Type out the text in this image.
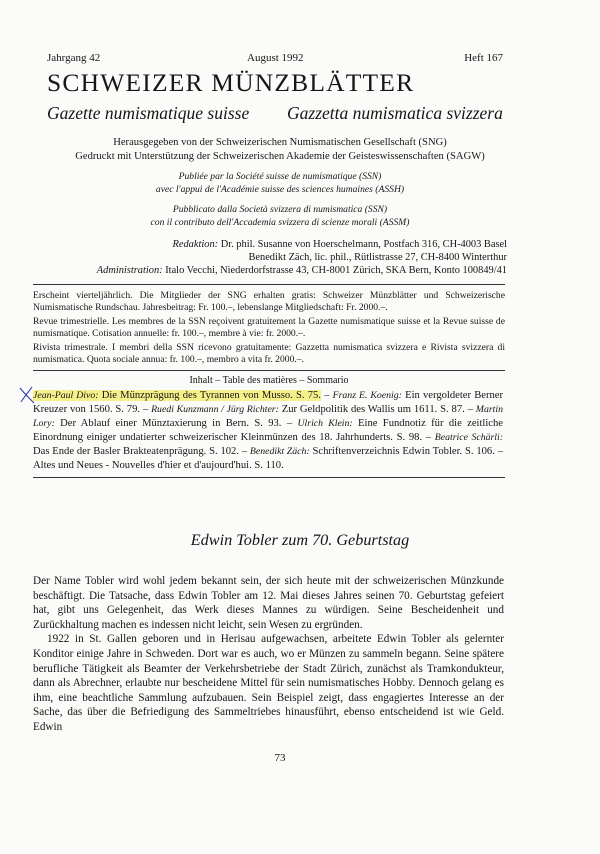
Jahrgang 42	August 1992	Heft 167
SCHWEIZER MÜNZBLÄTTER
Gazette numismatique suisse Gazzetta numismatica svizzera
Herausgegeben von der Schweizerischen Numismatischen Gesellschaft (SNG)
Gedruckt mit Unterstützung der Schweizerischen Akademie der Geisteswissenschaften (SAGW)
Publiée par la Société suisse de numismatique (SSN)
avec l'appui de l'Académie suisse des sciences humaines (ASSH)
Pubblicato dalla Società svizzera di numismatica (SSN)
con il contributo dell'Accademia svizzera di scienze morali (ASSM)
Redaktion: Dr. phil. Susanne von Hoerschelmann, Postfach 316, CH-4003 Basel
Benedikt Zäch, lic. phil., Rütlistrasse 27, CH-8400 Winterthur
Administration: Italo Vecchi, Niederdorfstrasse 43, CH-8001 Zürich, SKA Bern, Konto 100849/41
Erscheint vierteljährlich. Die Mitglieder der SNG erhalten gratis: Schweizer Münzblätter und Schweizerische Numismatische Rundschau. Jahresbeitrag: Fr. 100.–, lebenslange Mitgliedschaft: Fr. 2000.–.
Revue trimestrielle. Les membres de la SSN reçoivent gratuitement la Gazette numismatique suisse et la Revue suisse de numismatique. Cotisation annuelle: fr. 100.–, membre à vie: fr. 2000.–.
Rivista trimestrale. I membri della SSN ricevono gratuitamente: Gazzetta numismatica svizzera e Rivista svizzera di numismatica. Quota sociale annua: fr. 100.–, membro a vita fr. 2000.–.
Inhalt – Table des matières – Sommario
Jean-Paul Divo: Die Münzprägung des Tyrannen von Musso. S. 75. – Franz E. Koenig: Ein vergoldeter Berner Kreuzer von 1560. S. 79. – Ruedi Kunzmann / Jürg Richter: Zur Geldpolitik des Wallis um 1611. S. 87. – Martin Lory: Der Ablauf einer Münztaxierung in Bern. S. 93. – Ulrich Klein: Eine Fundnotiz für die zeitliche Einordnung einiger undatierter schweizerischer Kleinmünzen des 18. Jahrhunderts. S. 98. – Beatrice Schärli: Das Ende der Basler Brakteatenprägung. S. 102. – Benedikt Zäch: Schriftenverzeichnis Edwin Tobler. S. 106. – Altes und Neues - Nouvelles d'hier et d'aujourd'hui. S. 110.
Edwin Tobler zum 70. Geburtstag

Der Name Tobler wird wohl jedem bekannt sein, der sich heute mit der schweizerischen Münzkunde beschäftigt. Die Tatsache, dass Edwin Tobler am 12. Mai dieses Jahres seinen 70. Geburtstag gefeiert hat, gibt uns Gelegenheit, das Werk dieses Mannes zu würdigen. Seine Bescheidenheit und Zurückhaltung machen es indessen nicht leicht, sein Wesen zu ergründen.

1922 in St. Gallen geboren und in Herisau aufgewachsen, arbeitete Edwin Tobler als gelernter Konditor einige Jahre in Schweden. Dort war es auch, wo er Münzen zu sammeln begann. Seine spätere berufliche Tätigkeit als Beamter der Verkehrsbetriebe der Stadt Zürich, zunächst als Tramkondukteur, dann als Abrechner, erlaubte nur bescheidene Mittel für sein numismatisches Hobby. Dennoch gelang es ihm, eine beachtliche Sammlung aufzubauen. Sein Beispiel zeigt, dass engagiertes Interesse an der Sache, das über die Befriedigung des Sammeltriebes hinausführt, ebenso entscheidend ist wie Geld. Edwin

73
